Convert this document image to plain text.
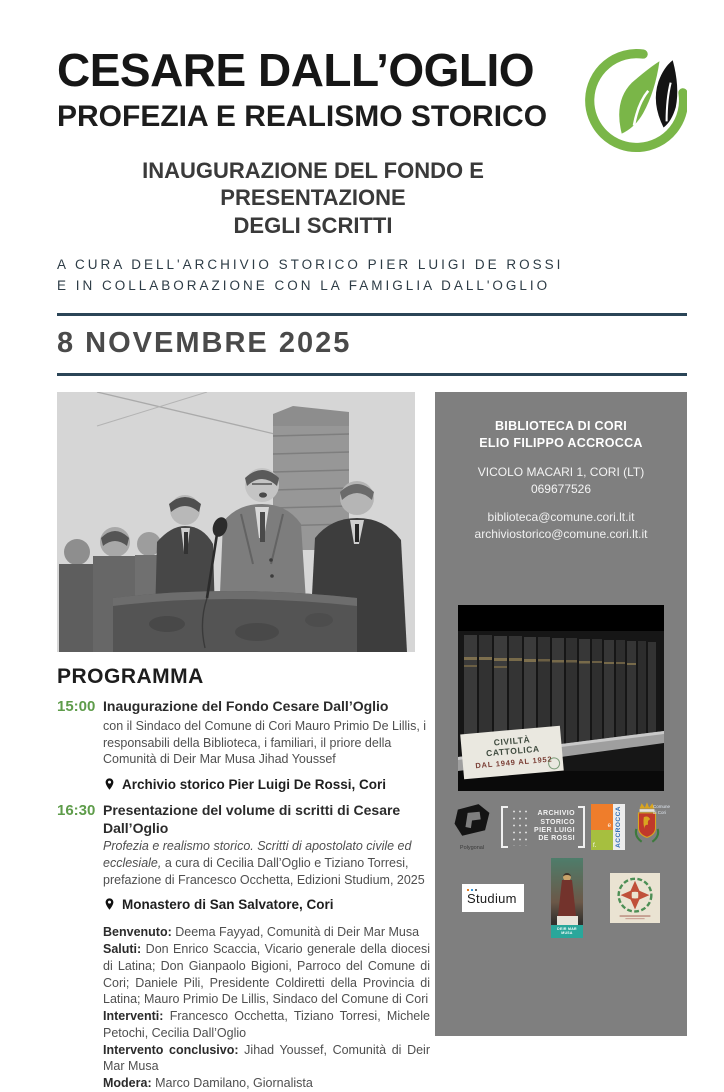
CESARE DALL’OGLIO
PROFEZIA E REALISMO STORICO
INAUGURAZIONE DEL FONDO E PRESENTAZIONE
DEGLI SCRITTI
A CURA DELL'ARCHIVIO STORICO PIER LUIGI DE ROSSI
E IN COLLABORAZIONE CON LA FAMIGLIA DALL'OGLIO
8 NOVEMBRE 2025
PROGRAMMA
15:00 Inaugurazione del Fondo Cesare Dall’Oglio

con il Sindaco del Comune di Cori Mauro Primio De Lillis, i responsabili della Biblioteca, i familiari, il priore della Comunità di Deir Mar Musa Jihad Youssef

Archivio storico Pier Luigi De Rossi, Cori
16:30 Presentazione del volume di scritti di Cesare Dall’Oglio

Profezia e realismo storico. Scritti di apostolato civile ed ecclesiale, a cura di Cecilia Dall’Oglio e Tiziano Torresi, prefazione di Francesco Occhetta, Edizioni Studium, 2025

Monastero di San Salvatore, Cori

Benvenuto: Deema Fayyad, Comunità di Deir Mar Musa

Saluti: Don Enrico Scaccia, Vicario generale della diocesi di Latina; Don Gianpaolo Bigioni, Parroco del Comune di Cori; Daniele Pili, Presidente Coldiretti della Provincia di Latina; Mauro Primio De Lillis, Sindaco del Comune di Cori

Interventi: Francesco Occhetta, Tiziano Torresi, Michele Petochi, Cecilia Dall’Oglio

Intervento conclusivo: Jihad Youssef, Comunità di Deir Mar Musa

Modera: Marco Damilano, Giornalista

BIBLIOTECA DI CORI
ELIO FILIPPO ACCROCCA
VICOLO MACARI 1, CORI (LT)
069677526
biblioteca@comune.cori.lt.it
archiviostorico@comune.cori.lt.it
CIVILTÀ CATTOLICA
DAL 1949 AL 1952
Polygonal
ARCHIVIO
STORICO
PIER LUIGI
DE ROSSI
e
f.	ACCROCCA	Comune di Cori
Studium
DEIR MAR MUSA
